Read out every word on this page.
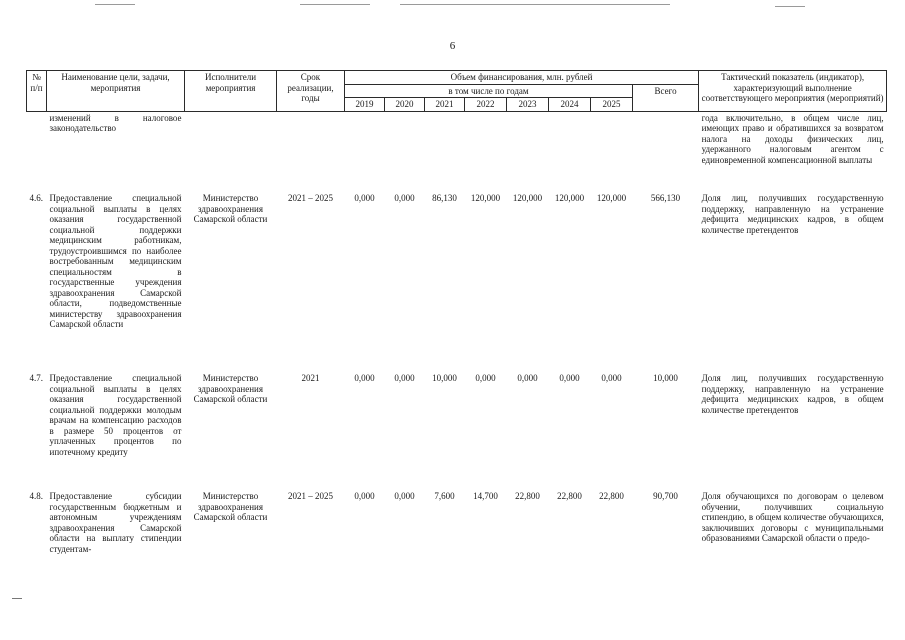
6
№ п/п	Наименование цели, задачи, мероприятия	Исполнители мероприятия	Срок реализации, годы	Объем финансирования, млн. рублей								Тактический показатель (индикатор), характеризующий выполнение соответствующего мероприятия (мероприятий)
				в том числе по годам							Всего	
				2019	2020	2021	2022	2023	2024	2025		
	изменений в налоговое законодательство											года включительно, в общем числе лиц, имеющих право и обратившихся за возвратом налога на доходы физических лиц, удержанного налоговым агентом с единовременной компенсационной выплаты
4.6.	Предоставление специальной социальной выплаты в целях оказания государственной социальной поддержки медицинским работникам, трудоустроившимся по наиболее востребованным медицинским специальностям в государственные учреждения здравоохранения Самарской области, подведомственные министерству здравоохранения Самарской области	Министерство здравоохранения Самарской области	2021 – 2025	0,000	0,000	86,130	120,000	120,000	120,000	120,000	566,130	Доля лиц, получивших государственную поддержку, направленную на устранение дефицита медицинских кадров, в общем количестве претендентов
4.7.	Предоставление специальной социальной выплаты в целях оказания государственной социальной поддержки молодым врачам на компенсацию расходов в размере 50 процентов от уплаченных процентов по ипотечному кредиту	Министерство здравоохранения Самарской области	2021	0,000	0,000	10,000	0,000	0,000	0,000	0,000	10,000	Доля лиц, получивших государственную поддержку, направленную на устранение дефицита медицинских кадров, в общем количестве претендентов
4.8.	Предоставление субсидии государственным бюджетным и автономным учреждениям здравоохранения Самарской области на выплату стипендии студентам-	Министерство здравоохранения Самарской области	2021 – 2025	0,000	0,000	7,600	14,700	22,800	22,800	22,800	90,700	Доля обучающихся по договорам о целевом обучении, получивших социальную стипендию, в общем количестве обучающихся, заключивших договоры с муниципальными образованиями Самарской области о предо-
